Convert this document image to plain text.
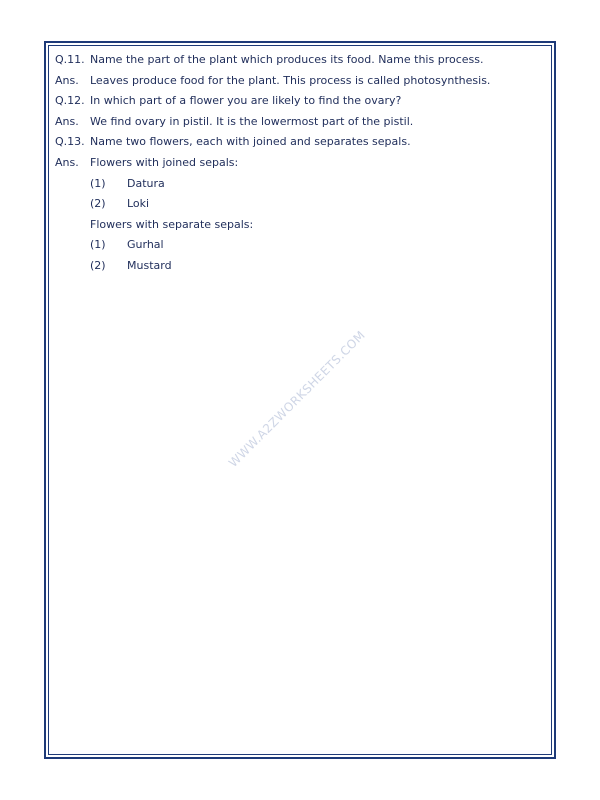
Q.11. Name the part of the plant which produces its food. Name this process.
Ans.	Leaves produce food for the plant. This process is called photosynthesis.
Q.12. In which part of a flower you are likely to find the ovary?
Ans.	We find ovary in pistil. It is the lowermost part of the pistil.
Q.13. Name two flowers, each with joined and separates sepals.
Ans.	Flowers with joined sepals:
(1)	Datura
(2)	Loki
Flowers with separate sepals:
(1)	Gurhal
(2)	Mustard
WWW.A2ZWORKSHEETS.COM
